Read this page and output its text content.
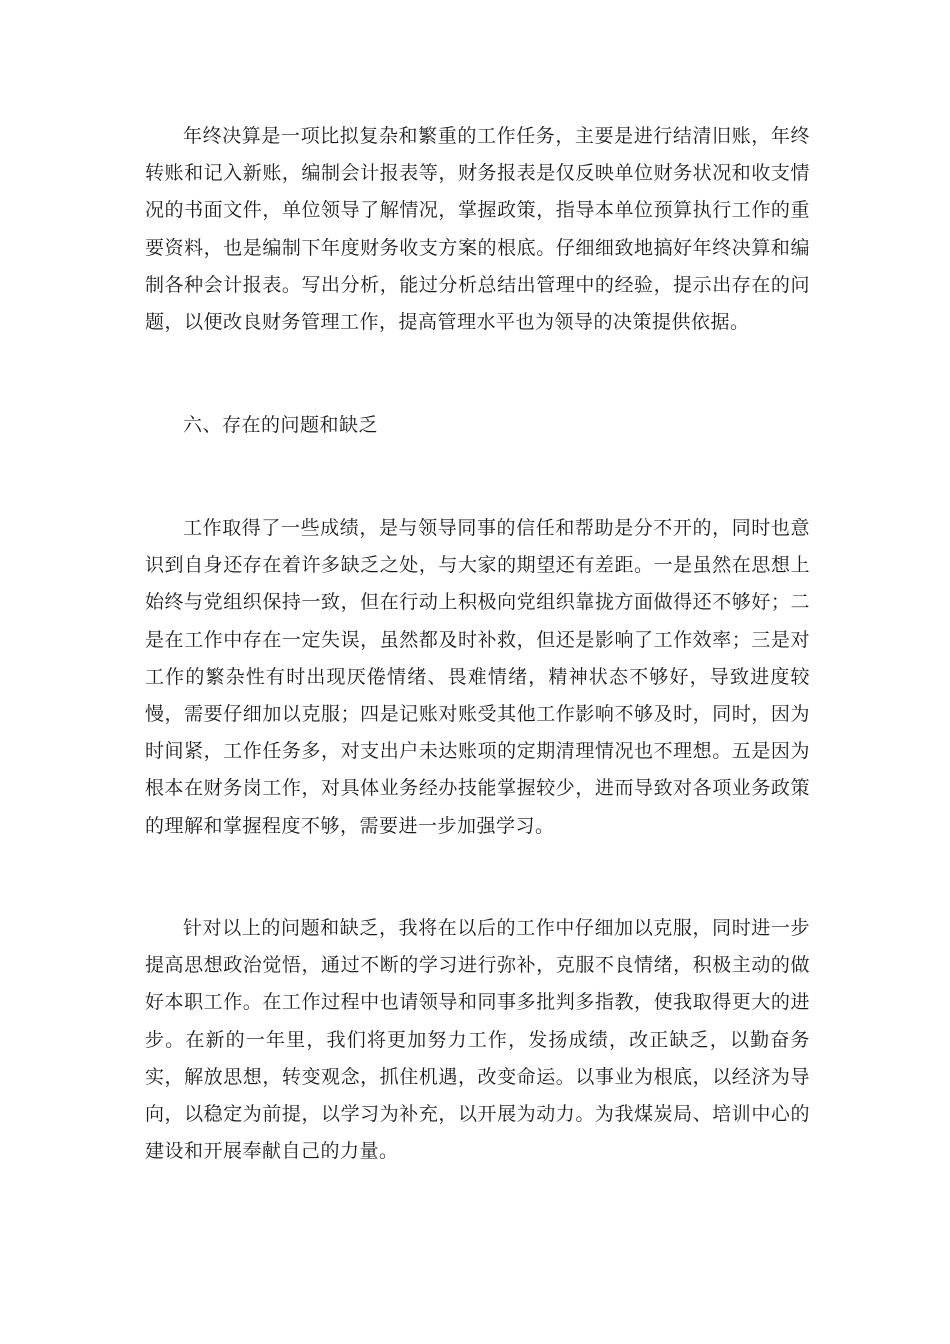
年终决算是一项比拟复杂和繁重的工作任务，主要是进行结清旧账，年终转账和记入新账，编制会计报表等，财务报表是仅反映单位财务状况和收支情况的书面文件，单位领导了解情况，掌握政策，指导本单位预算执行工作的重要资料，也是编制下年度财务收支方案的根底。仔细细致地搞好年终决算和编制各种会计报表。写出分析，能过分析总结出管理中的经验，提示出存在的问题，以便改良财务管理工作，提高管理水平也为领导的决策提供依据。

六、存在的问题和缺乏

工作取得了一些成绩，是与领导同事的信任和帮助是分不开的，同时也意识到自身还存在着许多缺乏之处，与大家的期望还有差距。一是虽然在思想上始终与党组织保持一致，但在行动上积极向党组织靠拢方面做得还不够好；二是在工作中存在一定失误，虽然都及时补救，但还是影响了工作效率；三是对工作的繁杂性有时出现厌倦情绪、畏难情绪，精神状态不够好，导致进度较慢，需要仔细加以克服；四是记账对账受其他工作影响不够及时，同时，因为时间紧，工作任务多，对支出户未达账项的定期清理情况也不理想。五是因为根本在财务岗工作，对具体业务经办技能掌握较少，进而导致对各项业务政策的理解和掌握程度不够，需要进一步加强学习。

针对以上的问题和缺乏，我将在以后的工作中仔细加以克服，同时进一步提高思想政治觉悟，通过不断的学习进行弥补，克服不良情绪，积极主动的做好本职工作。在工作过程中也请领导和同事多批判多指教，使我取得更大的进步。在新的一年里，我们将更加努力工作，发扬成绩，改正缺乏，以勤奋务实，解放思想，转变观念，抓住机遇，改变命运。以事业为根底，以经济为导向，以稳定为前提，以学习为补充，以开展为动力。为我煤炭局、培训中心的建设和开展奉献自己的力量。
